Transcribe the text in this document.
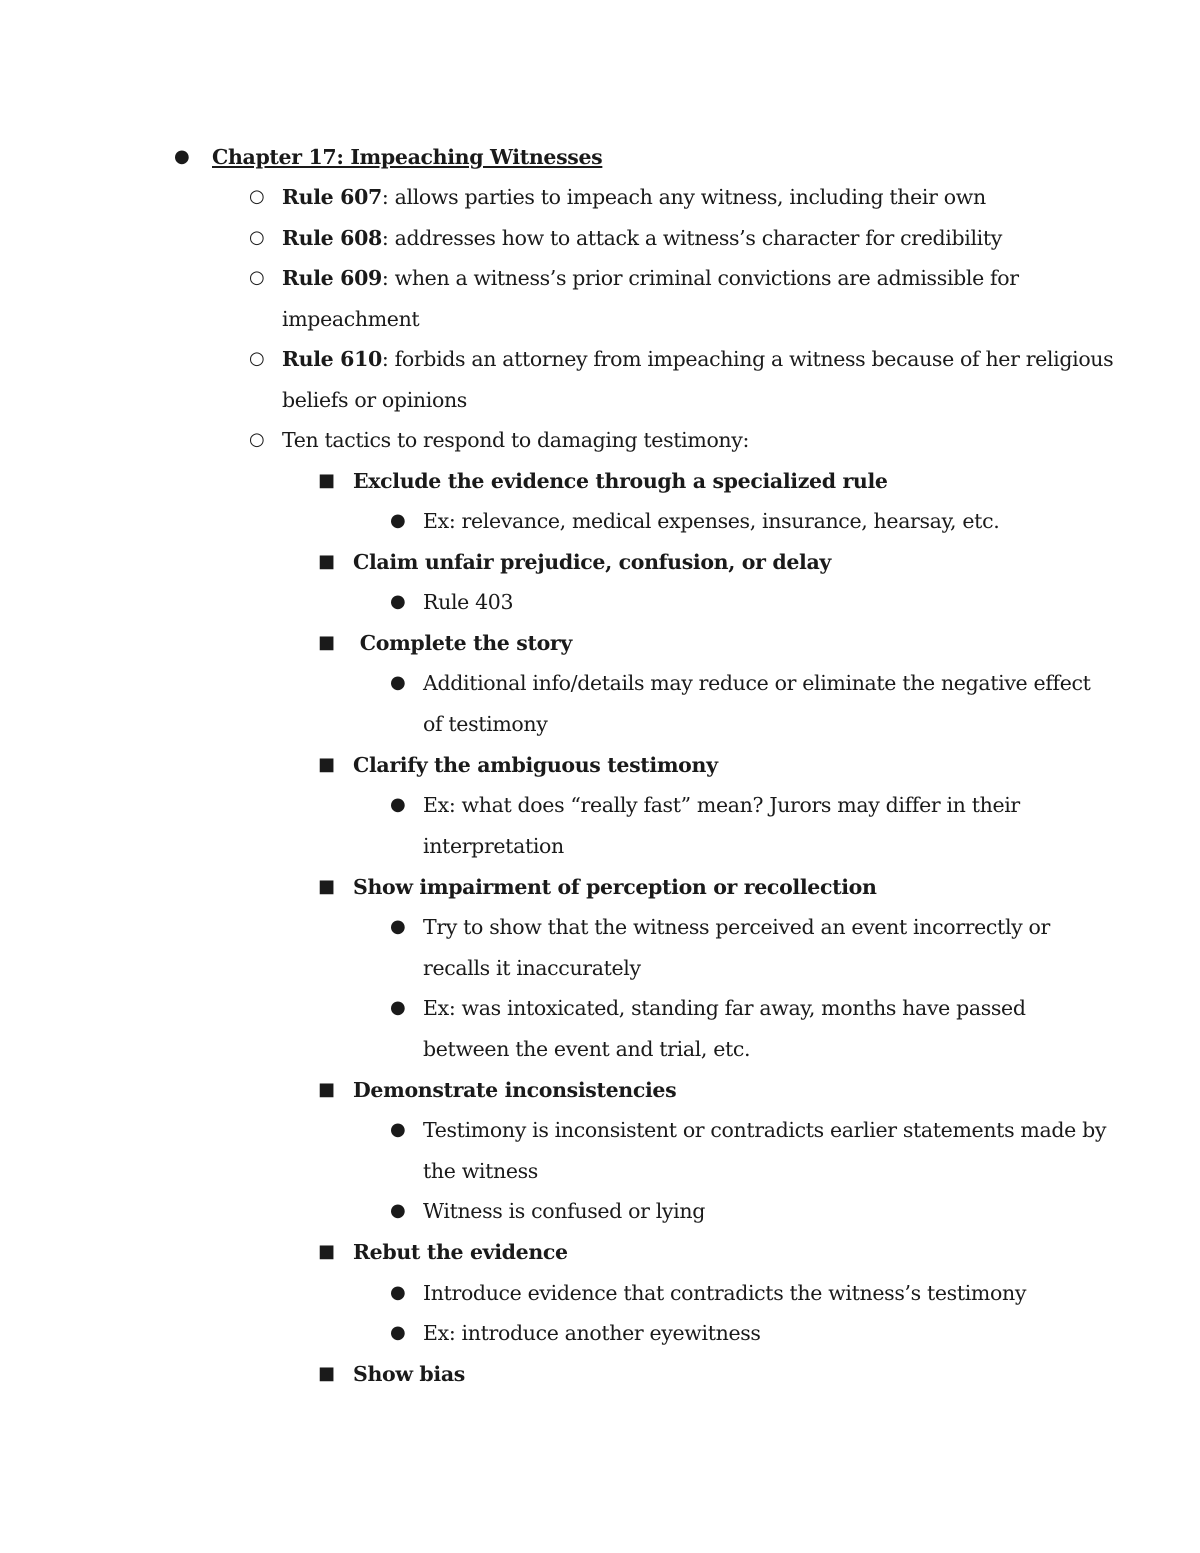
● Chapter 17: Impeaching Witnesses
○ Rule 607: allows parties to impeach any witness, including their own
○ Rule 608: addresses how to attack a witness’s character for credibility
○ Rule 609: when a witness’s prior criminal convictions are admissible for
impeachment
○ Rule 610: forbids an attorney from impeaching a witness because of her religious
beliefs or opinions
○ Ten tactics to respond to damaging testimony:
■ Exclude the evidence through a specialized rule
● Ex: relevance, medical expenses, insurance, hearsay, etc.
■ Claim unfair prejudice, confusion, or delay
● Rule 403
■ Complete the story
● Additional info/details may reduce or eliminate the negative effect
of testimony
■ Clarify the ambiguous testimony
● Ex: what does “really fast” mean? Jurors may differ in their
interpretation
■ Show impairment of perception or recollection
● Try to show that the witness perceived an event incorrectly or
recalls it inaccurately
● Ex: was intoxicated, standing far away, months have passed
between the event and trial, etc.
■ Demonstrate inconsistencies
● Testimony is inconsistent or contradicts earlier statements made by
the witness
● Witness is confused or lying
■ Rebut the evidence
● Introduce evidence that contradicts the witness’s testimony
● Ex: introduce another eyewitness
■ Show bias
